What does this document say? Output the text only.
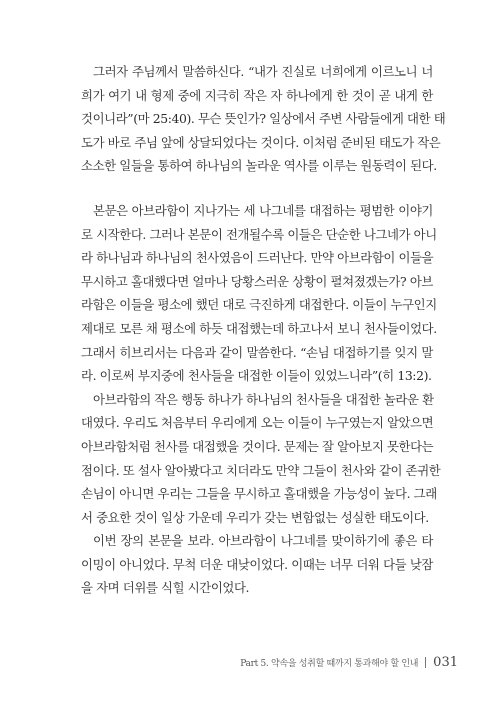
그러자 주님께서 말씀하신다. “내가 진실로 너희에게 이르노니 너
희가 여기 내 형제 중에 지극히 작은 자 하나에게 한 것이 곧 내게 한
것이니라”(마 25:40). 무슨 뜻인가? 일상에서 주변 사람들에게 대한 태
도가 바로 주님 앞에 상달되었다는 것이다. 이처럼 준비된 태도가 작은
소소한 일들을 통하여 하나님의 놀라운 역사를 이루는 원동력이 된다.

본문은 아브라함이 지나가는 세 나그네를 대접하는 평범한 이야기
로 시작한다. 그러나 본문이 전개될수록 이들은 단순한 나그네가 아니
라 하나님과 하나님의 천사였음이 드러난다. 만약 아브라함이 이들을
무시하고 홀대했다면 얼마나 당황스러운 상황이 펼쳐졌겠는가? 아브
라함은 이들을 평소에 했던 대로 극진하게 대접한다. 이들이 누구인지
제대로 모른 채 평소에 하듯 대접했는데 하고나서 보니 천사들이었다.
그래서 히브리서는 다음과 같이 말씀한다. “손님 대접하기를 잊지 말
라. 이로써 부지중에 천사들을 대접한 이들이 있었느니라”(히 13:2).

아브라함의 작은 행동 하나가 하나님의 천사들을 대접한 놀라운 환
대였다. 우리도 처음부터 우리에게 오는 이들이 누구였는지 알았으면
아브라함처럼 천사를 대접했을 것이다. 문제는 잘 알아보지 못한다는
점이다. 또 설사 알아봤다고 치더라도 만약 그들이 천사와 같이 존귀한
손님이 아니면 우리는 그들을 무시하고 홀대했을 가능성이 높다. 그래
서 중요한 것이 일상 가운데 우리가 갖는 변함없는 성실한 태도이다.

이번 장의 본문을 보라. 아브라함이 나그네를 맞이하기에 좋은 타
이밍이 아니었다. 무척 더운 대낮이었다. 이때는 너무 더워 다들 낮잠
을 자며 더위를 식힐 시간이었다.

Part 5. 약속을 성취할 때까지 통과해야 할 인내 031
